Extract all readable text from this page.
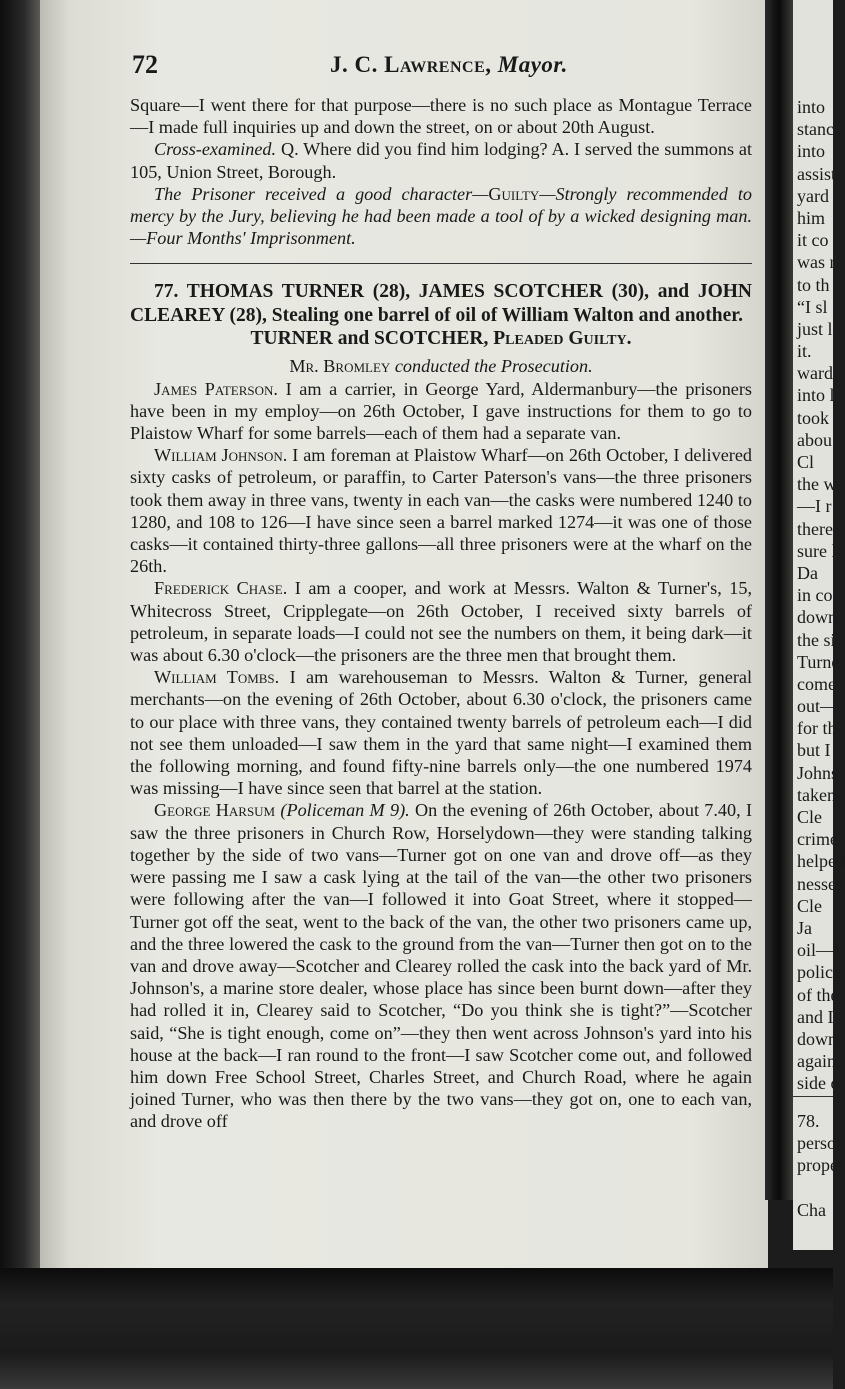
72	J. C. Lawrence, Mayor.

Square—I went there for that purpose—there is no such place as Montague Terrace—I made full inquiries up and down the street, on or about 20th August.

Cross-examined. Q. Where did you find him lodging? A. I served the summons at 105, Union Street, Borough.

The Prisoner received a good character—Guilty—Strongly recommended to mercy by the Jury, believing he had been made a tool of by a wicked designing man.—Four Months' Imprisonment.

77. THOMAS TURNER (28), JAMES SCOTCHER (30), and JOHN CLEAREY (28), Stealing one barrel of oil of William Walton and another.

TURNER and SCOTCHER, Pleaded Guilty.

Mr. Bromley conducted the Prosecution.

James Paterson. I am a carrier, in George Yard, Aldermanbury—the prisoners have been in my employ—on 26th October, I gave instructions for them to go to Plaistow Wharf for some barrels—each of them had a separate van.

William Johnson. I am foreman at Plaistow Wharf—on 26th October, I delivered sixty casks of petroleum, or paraffin, to Carter Paterson's vans—the three prisoners took them away in three vans, twenty in each van—the casks were numbered 1240 to 1280, and 108 to 126—I have since seen a barrel marked 1274—it was one of those casks—it contained thirty-three gallons—all three prisoners were at the wharf on the 26th.

Frederick Chase. I am a cooper, and work at Messrs. Walton & Turner's, 15, Whitecross Street, Cripplegate—on 26th October, I received sixty barrels of petroleum, in separate loads—I could not see the numbers on them, it being dark—it was about 6.30 o'clock—the prisoners are the three men that brought them.

William Tombs. I am warehouseman to Messrs. Walton & Turner, general merchants—on the evening of 26th October, about 6.30 o'clock, the prisoners came to our place with three vans, they contained twenty barrels of petroleum each—I did not see them unloaded—I saw them in the yard that same night—I examined them the following morning, and found fifty-nine barrels only—the one numbered 1974 was missing—I have since seen that barrel at the station.

George Harsum (Policeman M 9). On the evening of 26th October, about 7.40, I saw the three prisoners in Church Row, Horselydown—they were standing talking together by the side of two vans—Turner got on one van and drove off—as they were passing me I saw a cask lying at the tail of the van—the other two prisoners were following after the van—I followed it into Goat Street, where it stopped—Turner got off the seat, went to the back of the van, the other two prisoners came up, and the three lowered the cask to the ground from the van—Turner then got on to the van and drove away—Scotcher and Clearey rolled the cask into the back yard of Mr. Johnson's, a marine store dealer, whose place has since been burnt down—after they had rolled it in, Clearey said to Scotcher, “Do you think she is tight?”—Scotcher said, “She is tight enough, come on”—they then went across Johnson's yard into his house at the back—I ran round to the front—I saw Scotcher come out, and followed him down Free School Street, Charles Street, and Church Road, where he again joined Turner, who was then there by the two vans—they got on, one to each van, and drove off

into
stanc
into
assist
yard
him
it co
was r
to th
“I sl
just l
it.
ward
into l
took
abou
Cl
the w
—I r
there
sure l
Da
in co
down
the si
Turne
come
out—
for th
but I
Johns
taken
Cle
crime
helped
nesses
Cle
Ja
oil—I
police
of the
and I
down-
again,
side o
78.
person
proper
Cha
